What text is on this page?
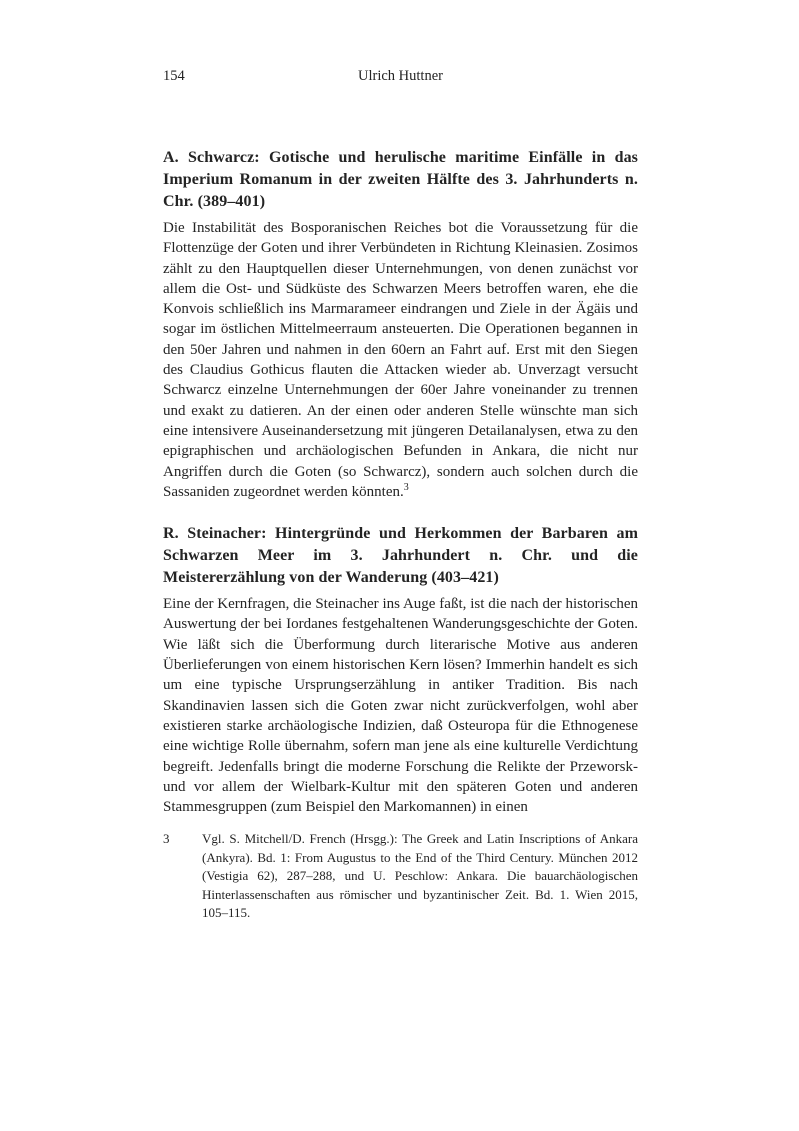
154	Ulrich Huttner
A. Schwarcz: Gotische und herulische maritime Einfälle in das Imperium Romanum in der zweiten Hälfte des 3. Jahrhunderts n. Chr. (389–401)

Die Instabilität des Bosporanischen Reiches bot die Voraussetzung für die Flottenzüge der Goten und ihrer Verbündeten in Richtung Kleinasien. Zosimos zählt zu den Hauptquellen dieser Unternehmungen, von denen zunächst vor allem die Ost- und Südküste des Schwarzen Meers betroffen waren, ehe die Konvois schließlich ins Marmarameer eindrangen und Ziele in der Ägäis und sogar im östlichen Mittelmeerraum ansteuerten. Die Operationen begannen in den 50er Jahren und nahmen in den 60ern an Fahrt auf. Erst mit den Siegen des Claudius Gothicus flauten die Attacken wieder ab. Unverzagt versucht Schwarcz einzelne Unternehmungen der 60er Jahre voneinander zu trennen und exakt zu datieren. An der einen oder anderen Stelle wünschte man sich eine intensivere Auseinandersetzung mit jüngeren Detailanalysen, etwa zu den epigraphischen und archäologischen Befunden in Ankara, die nicht nur Angriffen durch die Goten (so Schwarcz), sondern auch solchen durch die Sassaniden zugeordnet werden könnten.$^3$

R. Steinacher: Hintergründe und Herkommen der Barbaren am Schwarzen Meer im 3. Jahrhundert n. Chr. und die Meistererzählung von der Wanderung (403–421)

Eine der Kernfragen, die Steinacher ins Auge faßt, ist die nach der historischen Auswertung der bei Iordanes festgehaltenen Wanderungsgeschichte der Goten. Wie läßt sich die Überformung durch literarische Motive aus anderen Überlieferungen von einem historischen Kern lösen? Immerhin handelt es sich um eine typische Ursprungserzählung in antiker Tradition. Bis nach Skandinavien lassen sich die Goten zwar nicht zurückverfolgen, wohl aber existieren starke archäologische Indizien, daß Osteuropa für die Ethnogenese eine wichtige Rolle übernahm, sofern man jene als eine kulturelle Verdichtung begreift. Jedenfalls bringt die moderne Forschung die Relikte der Przeworsk- und vor allem der Wielbark-Kultur mit den späteren Goten und anderen Stammesgruppen (zum Beispiel den Markomannen) in einen

3	Vgl. S. Mitchell/D. French (Hrsgg.): The Greek and Latin Inscriptions of Ankara (Ankyra). Bd. 1: From Augustus to the End of the Third Century. München 2012 (Vestigia 62), 287–288, und U. Peschlow: Ankara. Die bauarchäologischen Hinterlassenschaften aus römischer und byzantinischer Zeit. Bd. 1. Wien 2015, 105–115.
